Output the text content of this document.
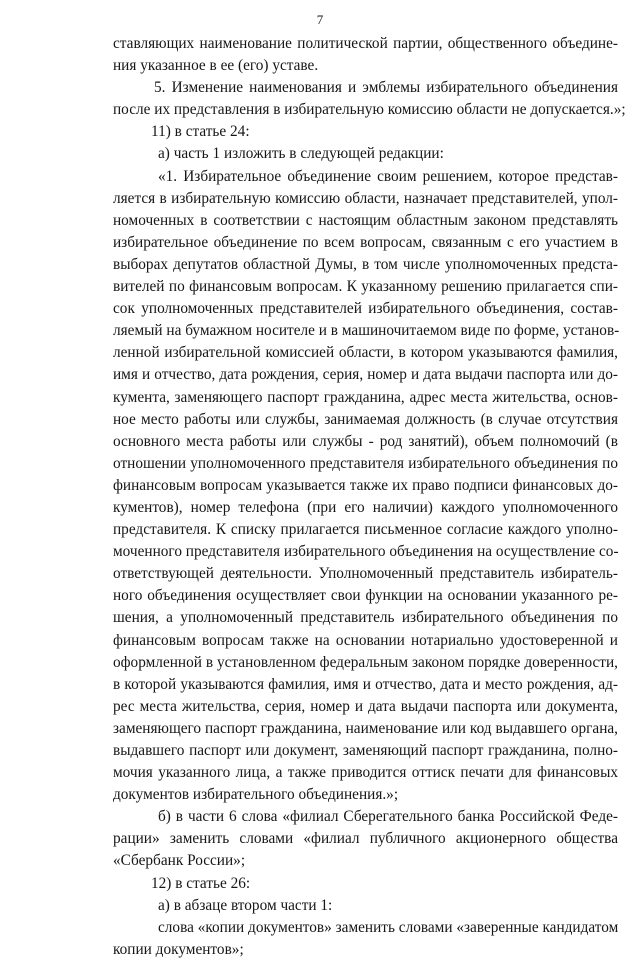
7
ставляющих наименование политической партии, общественного объедине-
ния указанное в ее (его) уставе.
5. Изменение наименования и эмблемы избирательного объединения
после их представления в избирательную комиссию области не допускается.»;
11) в статье 24:
а) часть 1 изложить в следующей редакции:
«1. Избирательное объединение своим решением, которое представ-
ляется в избирательную комиссию области, назначает представителей, упол-
номоченных в соответствии с настоящим областным законом представлять
избирательное объединение по всем вопросам, связанным с его участием в
выборах депутатов областной Думы, в том числе уполномоченных предста-
вителей по финансовым вопросам. К указанному решению прилагается спи-
сок уполномоченных представителей избирательного объединения, состав-
ляемый на бумажном носителе и в машиночитаемом виде по форме, установ-
ленной избирательной комиссией области, в котором указываются фамилия,
имя и отчество, дата рождения, серия, номер и дата выдачи паспорта или до-
кумента, заменяющего паспорт гражданина, адрес места жительства, основ-
ное место работы или службы, занимаемая должность (в случае отсутствия
основного места работы или службы - род занятий), объем полномочий (в
отношении уполномоченного представителя избирательного объединения по
финансовым вопросам указывается также их право подписи финансовых до-
кументов), номер телефона (при его наличии) каждого уполномоченного
представителя. К списку прилагается письменное согласие каждого уполно-
моченного представителя избирательного объединения на осуществление со-
ответствующей деятельности. Уполномоченный представитель избиратель-
ного объединения осуществляет свои функции на основании указанного ре-
шения, а уполномоченный представитель избирательного объединения по
финансовым вопросам также на основании нотариально удостоверенной и
оформленной в установленном федеральным законом порядке доверенности,
в которой указываются фамилия, имя и отчество, дата и место рождения, ад-
рес места жительства, серия, номер и дата выдачи паспорта или документа,
заменяющего паспорт гражданина, наименование или код выдавшего органа,
выдавшего паспорт или документ, заменяющий паспорт гражданина, полно-
мочия указанного лица, а также приводится оттиск печати для финансовых
документов избирательного объединения.»;
б) в части 6 слова «филиал Сберегательного банка Российской Феде-
рации» заменить словами «филиал публичного акционерного общества
«Сбербанк России»;
12) в статье 26:
а) в абзаце втором части 1:
слова «копии документов» заменить словами «заверенные кандидатом
копии документов»;
